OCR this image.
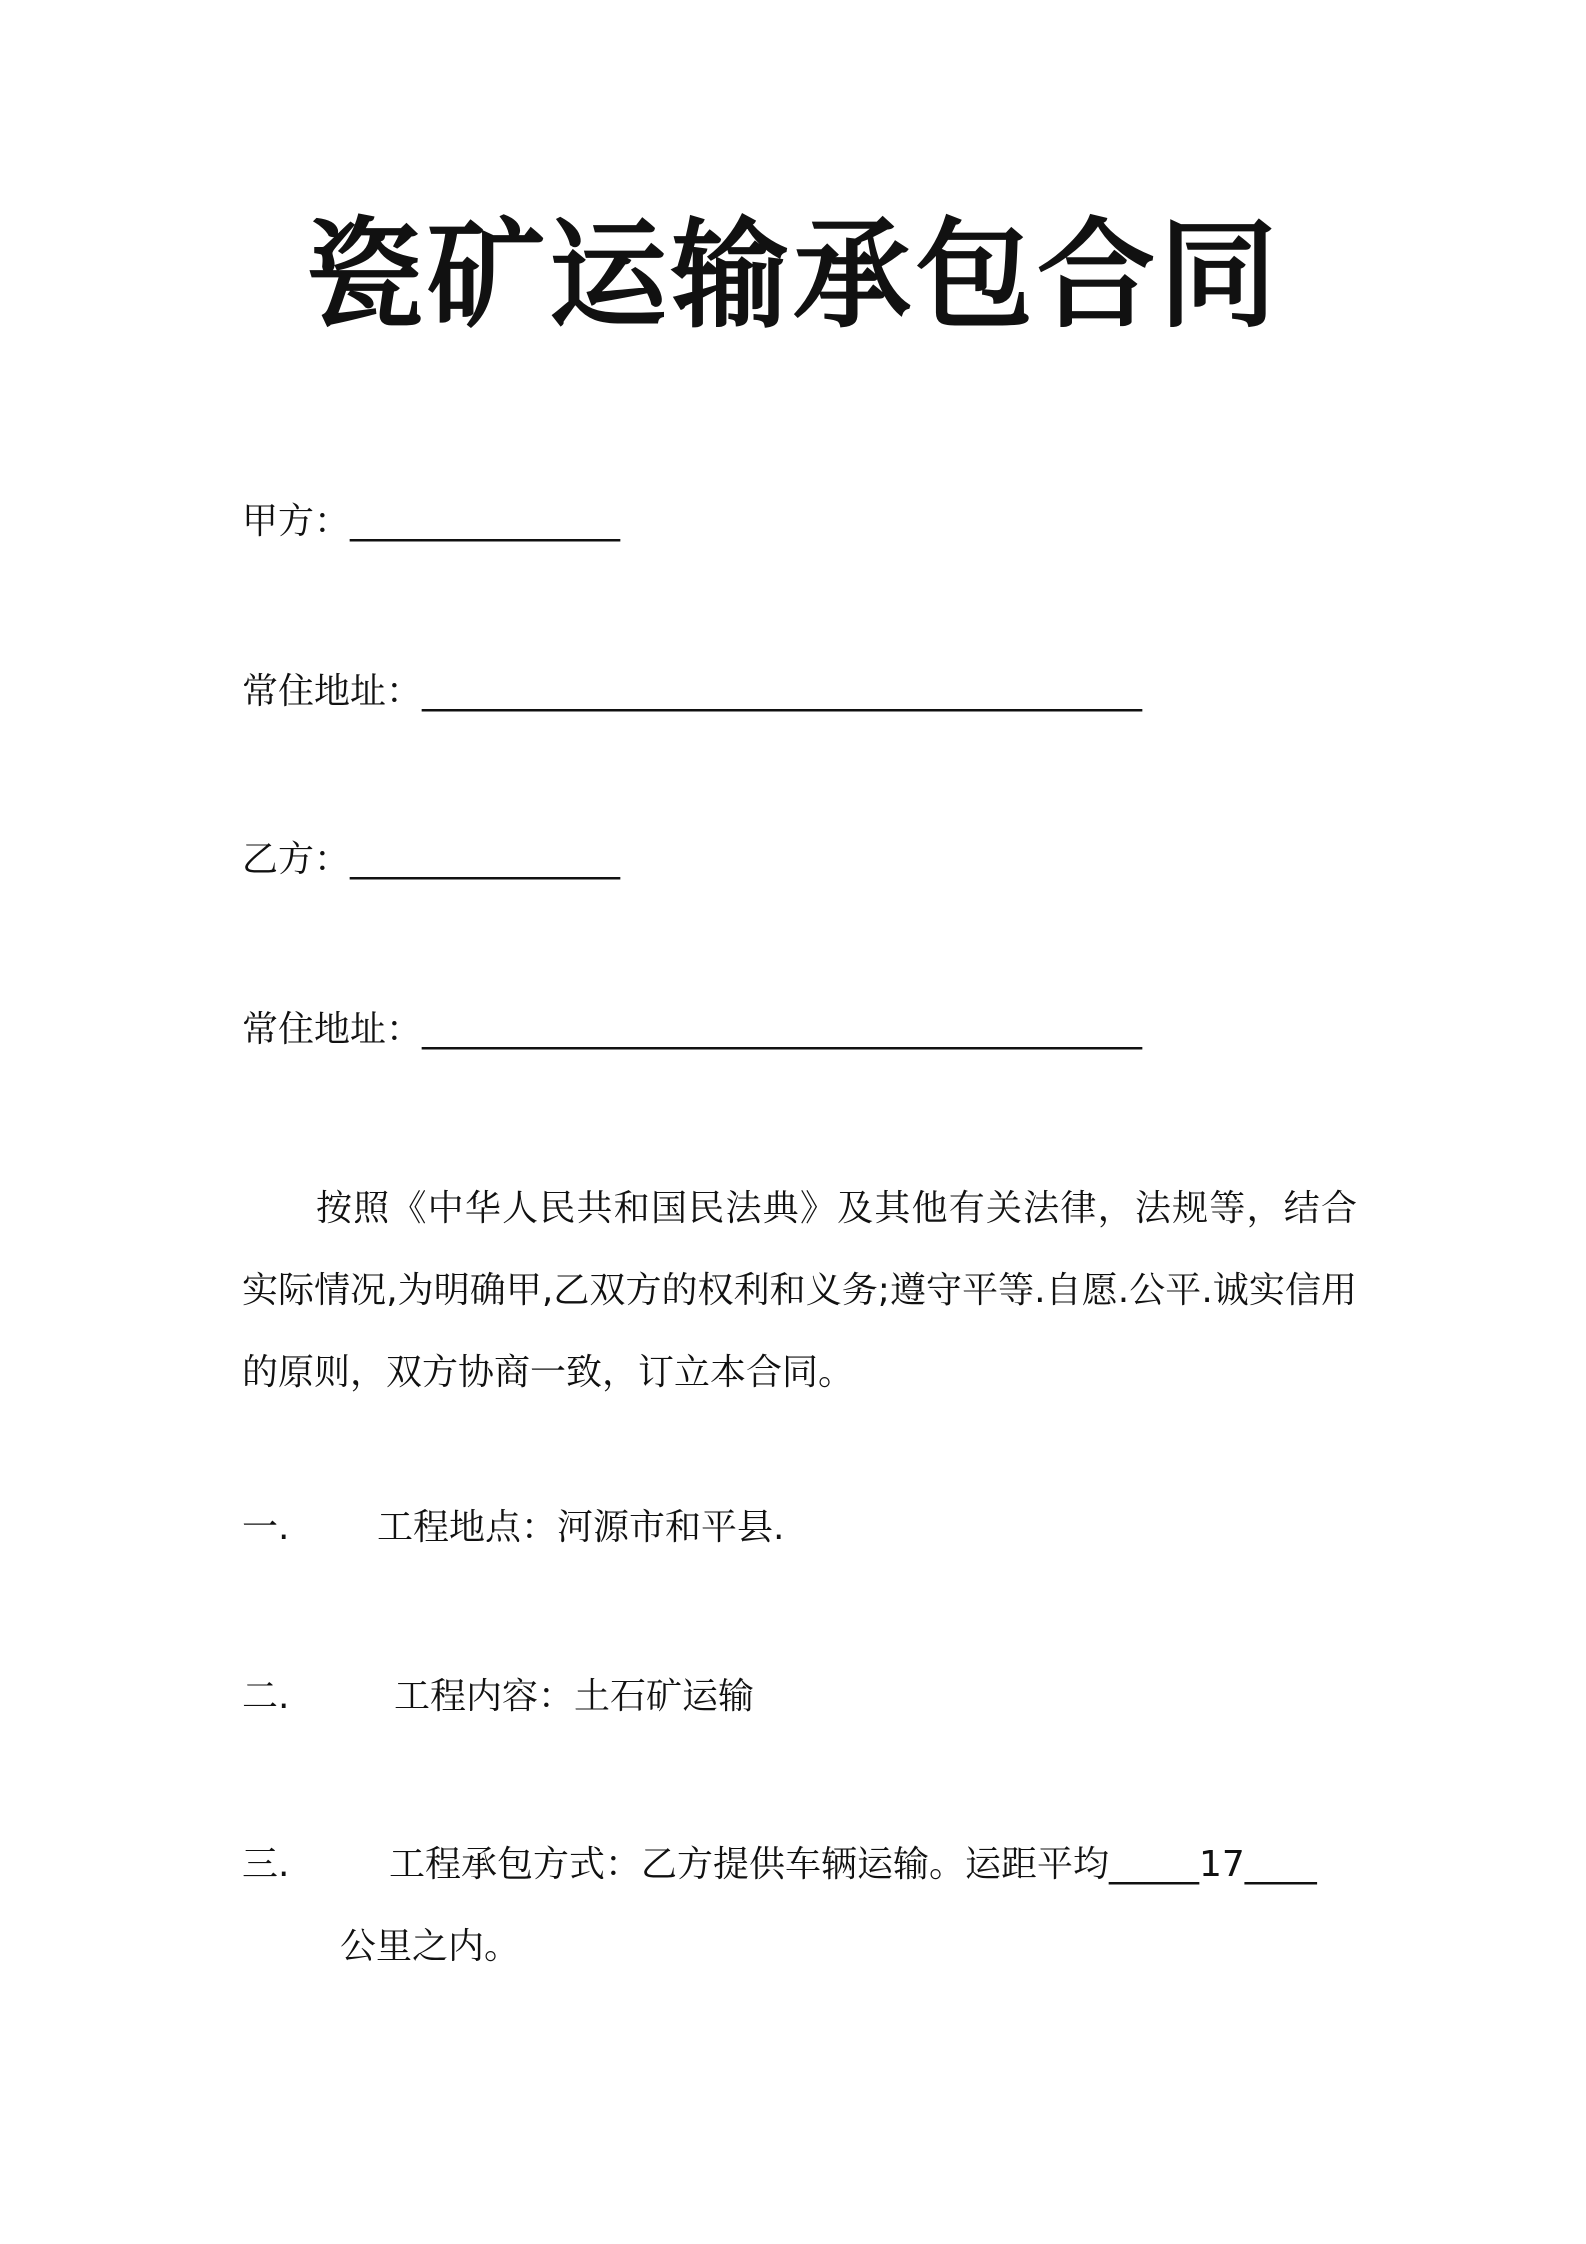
瓷矿运输承包合同
甲方：_______________
常住地址：________________________________________
乙方：_______________
常住地址：________________________________________
按照《中华人民共和国民法典》及其他有关法律，法规等，结合实际情况,为明确甲,乙双方的权利和义务;遵守平等.自愿.公平.诚实信用的原则，双方协商一致，订立本合同。
一. 工程地点：河源市和平县.
二.	工程内容：土石矿运输
三.	工程承包方式：乙方提供车辆运输。运距平均_____17____
公里之内。
